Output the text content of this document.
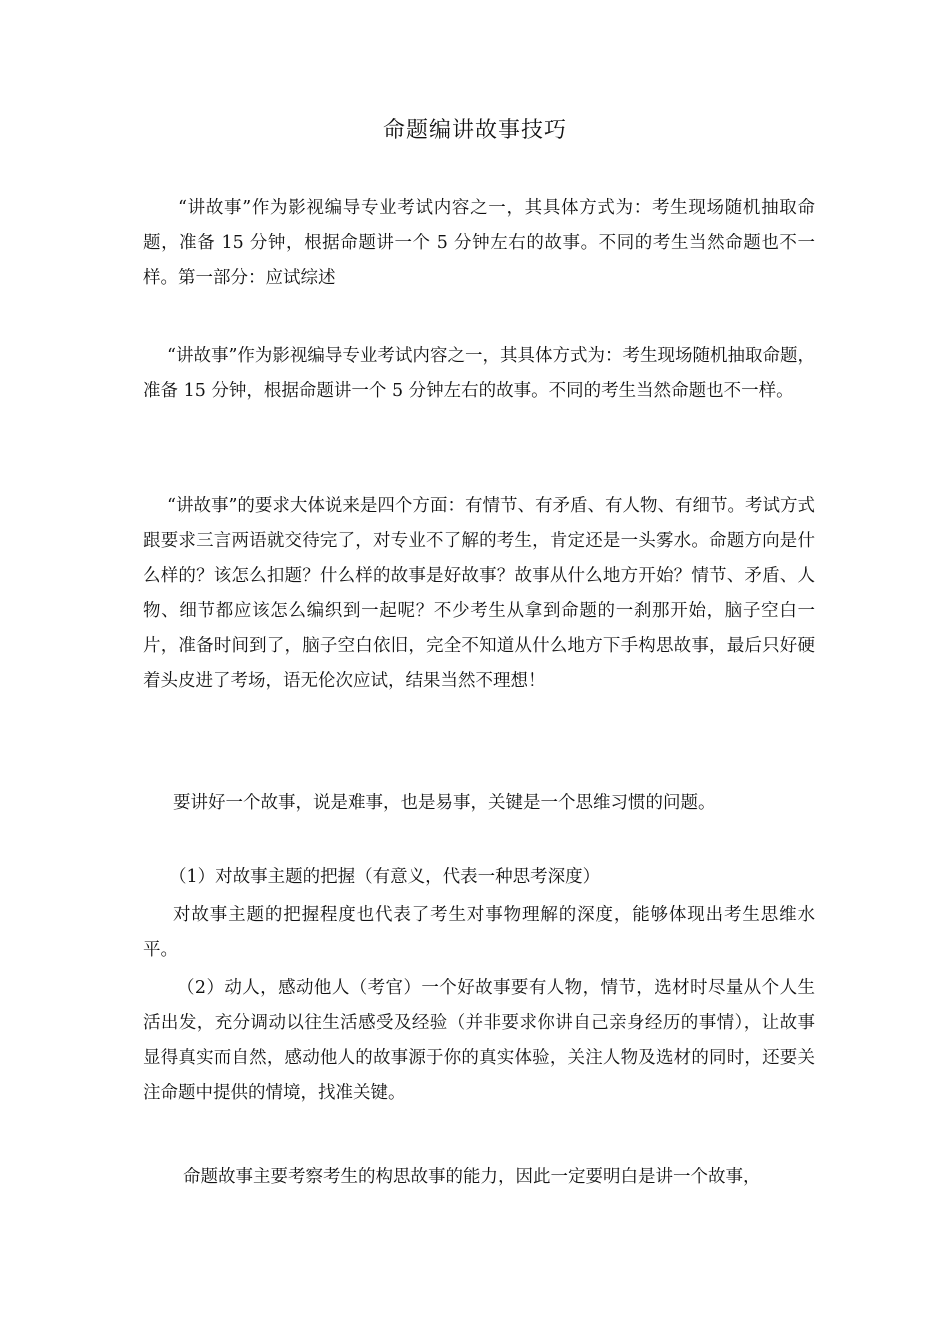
命题编讲故事技巧
“讲故事”作为影视编导专业考试内容之一，其具体方式为：考生现场随机抽取命题，准备 15 分钟，根据命题讲一个 5 分钟左右的故事。不同的考生当然命题也不一样。第一部分：应试综述
“讲故事”作为影视编导专业考试内容之一，其具体方式为：考生现场随机抽取命题，准备 15 分钟，根据命题讲一个 5 分钟左右的故事。不同的考生当然命题也不一样。
“讲故事”的要求大体说来是四个方面：有情节、有矛盾、有人物、有细节。考试方式跟要求三言两语就交待完了，对专业不了解的考生，肯定还是一头雾水。命题方向是什么样的？该怎么扣题？什么样的故事是好故事？故事从什么地方开始？情节、矛盾、人物、细节都应该怎么编织到一起呢？不少考生从拿到命题的一刹那开始，脑子空白一片，准备时间到了，脑子空白依旧，完全不知道从什么地方下手构思故事，最后只好硬着头皮进了考场，语无伦次应试，结果当然不理想！
要讲好一个故事，说是难事，也是易事，关键是一个思维习惯的问题。
（1）对故事主题的把握（有意义，代表一种思考深度）
对故事主题的把握程度也代表了考生对事物理解的深度，能够体现出考生思维水平。
（2）动人，感动他人（考官）一个好故事要有人物，情节，选材时尽量从个人生活出发，充分调动以往生活感受及经验（并非要求你讲自己亲身经历的事情），让故事显得真实而自然，感动他人的故事源于你的真实体验，关注人物及选材的同时，还要关注命题中提供的情境，找准关键。
命题故事主要考察考生的构思故事的能力，因此一定要明白是讲一个故事，
